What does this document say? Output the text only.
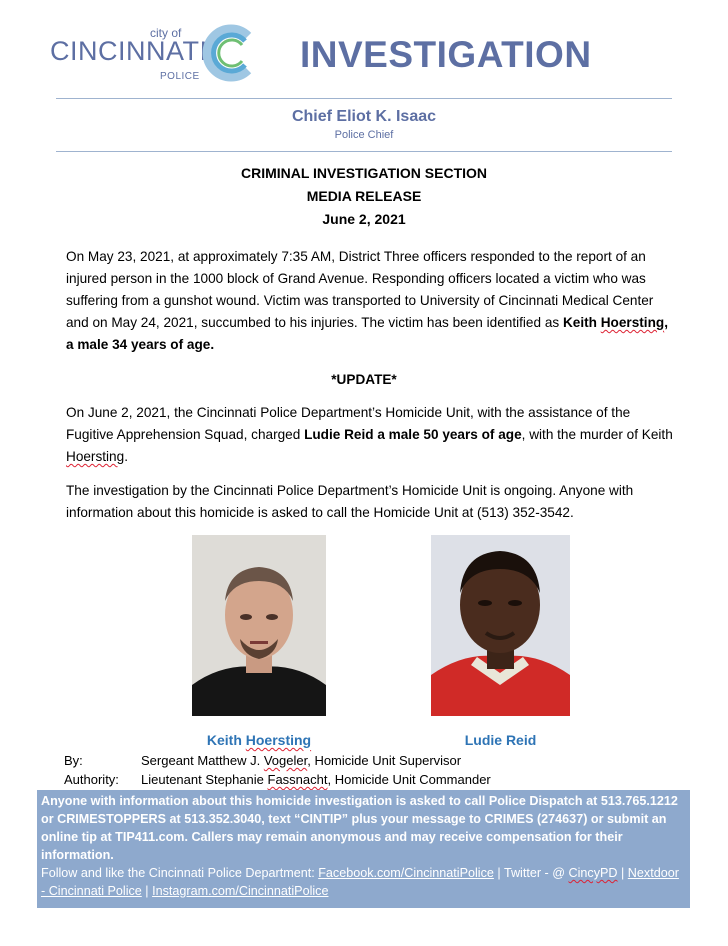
city of
CINCINNATI
POLICE
INVESTIGATION
Chief Eliot K. Isaac
Police Chief
CRIMINAL INVESTIGATION SECTION
MEDIA RELEASE
June 2, 2021
On May 23, 2021, at approximately 7:35 AM, District Three officers responded to the report of an injured person in the 1000 block of Grand Avenue. Responding officers located a victim who was suffering from a gunshot wound. Victim was transported to University of Cincinnati Medical Center and on May 24, 2021, succumbed to his injuries. The victim has been identified as Keith Hoersting, a male 34 years of age.
*UPDATE*
On June 2, 2021, the Cincinnati Police Department’s Homicide Unit, with the assistance of the Fugitive Apprehension Squad, charged Ludie Reid a male 50 years of age, with the murder of Keith Hoersting.
The investigation by the Cincinnati Police Department’s Homicide Unit is ongoing. Anyone with information about this homicide is asked to call the Homicide Unit at (513) 352-3542.
Keith Hoersting	Ludie Reid
By:	Sergeant Matthew J. Vogeler, Homicide Unit Supervisor
Authority: Lieutenant Stephanie Fassnacht, Homicide Unit Commander
Anyone with information about this homicide investigation is asked to call Police Dispatch at 513.765.1212 or CRIMESTOPPERS at 513.352.3040, text “CINTIP” plus your message to CRIMES (274637) or submit an online tip at TIP411.com. Callers may remain anonymous and may receive compensation for their information.
Follow and like the Cincinnati Police Department: Facebook.com/CincinnatiPolice | Twitter - @ CincyPD | Nextdoor - Cincinnati Police | Instagram.com/CincinnatiPolice
